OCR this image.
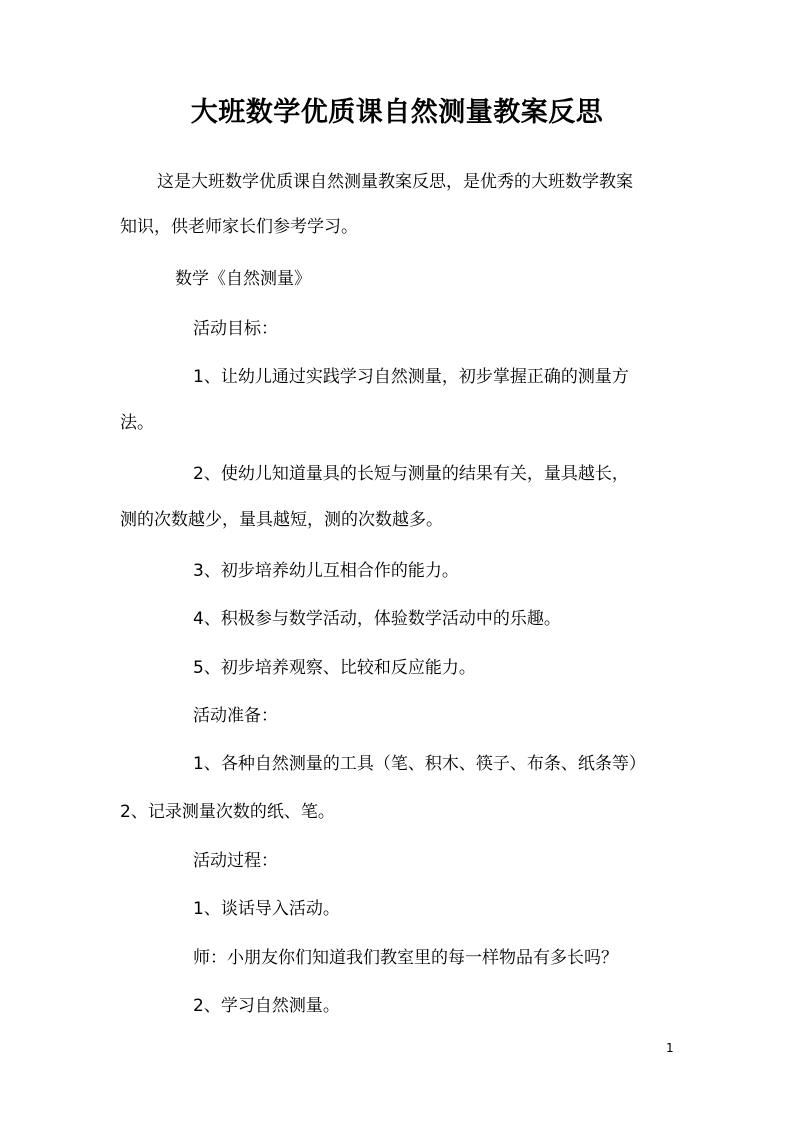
大班数学优质课自然测量教案反思
这是大班数学优质课自然测量教案反思，是优秀的大班数学教案
知识，供老师家长们参考学习。
数学《自然测量》
活动目标：
1、让幼儿通过实践学习自然测量，初步掌握正确的测量方
法。
2、使幼儿知道量具的长短与测量的结果有关，量具越长，
测的次数越少，量具越短，测的次数越多。
3、初步培养幼儿互相合作的能力。
4、积极参与数学活动，体验数学活动中的乐趣。
5、初步培养观察、比较和反应能力。
活动准备：
1、各种自然测量的工具（笔、积木、筷子、布条、纸条等）
2、记录测量次数的纸、笔。
活动过程：
1、谈话导入活动。
师：小朋友你们知道我们教室里的每一样物品有多长吗？
2、学习自然测量。
1
